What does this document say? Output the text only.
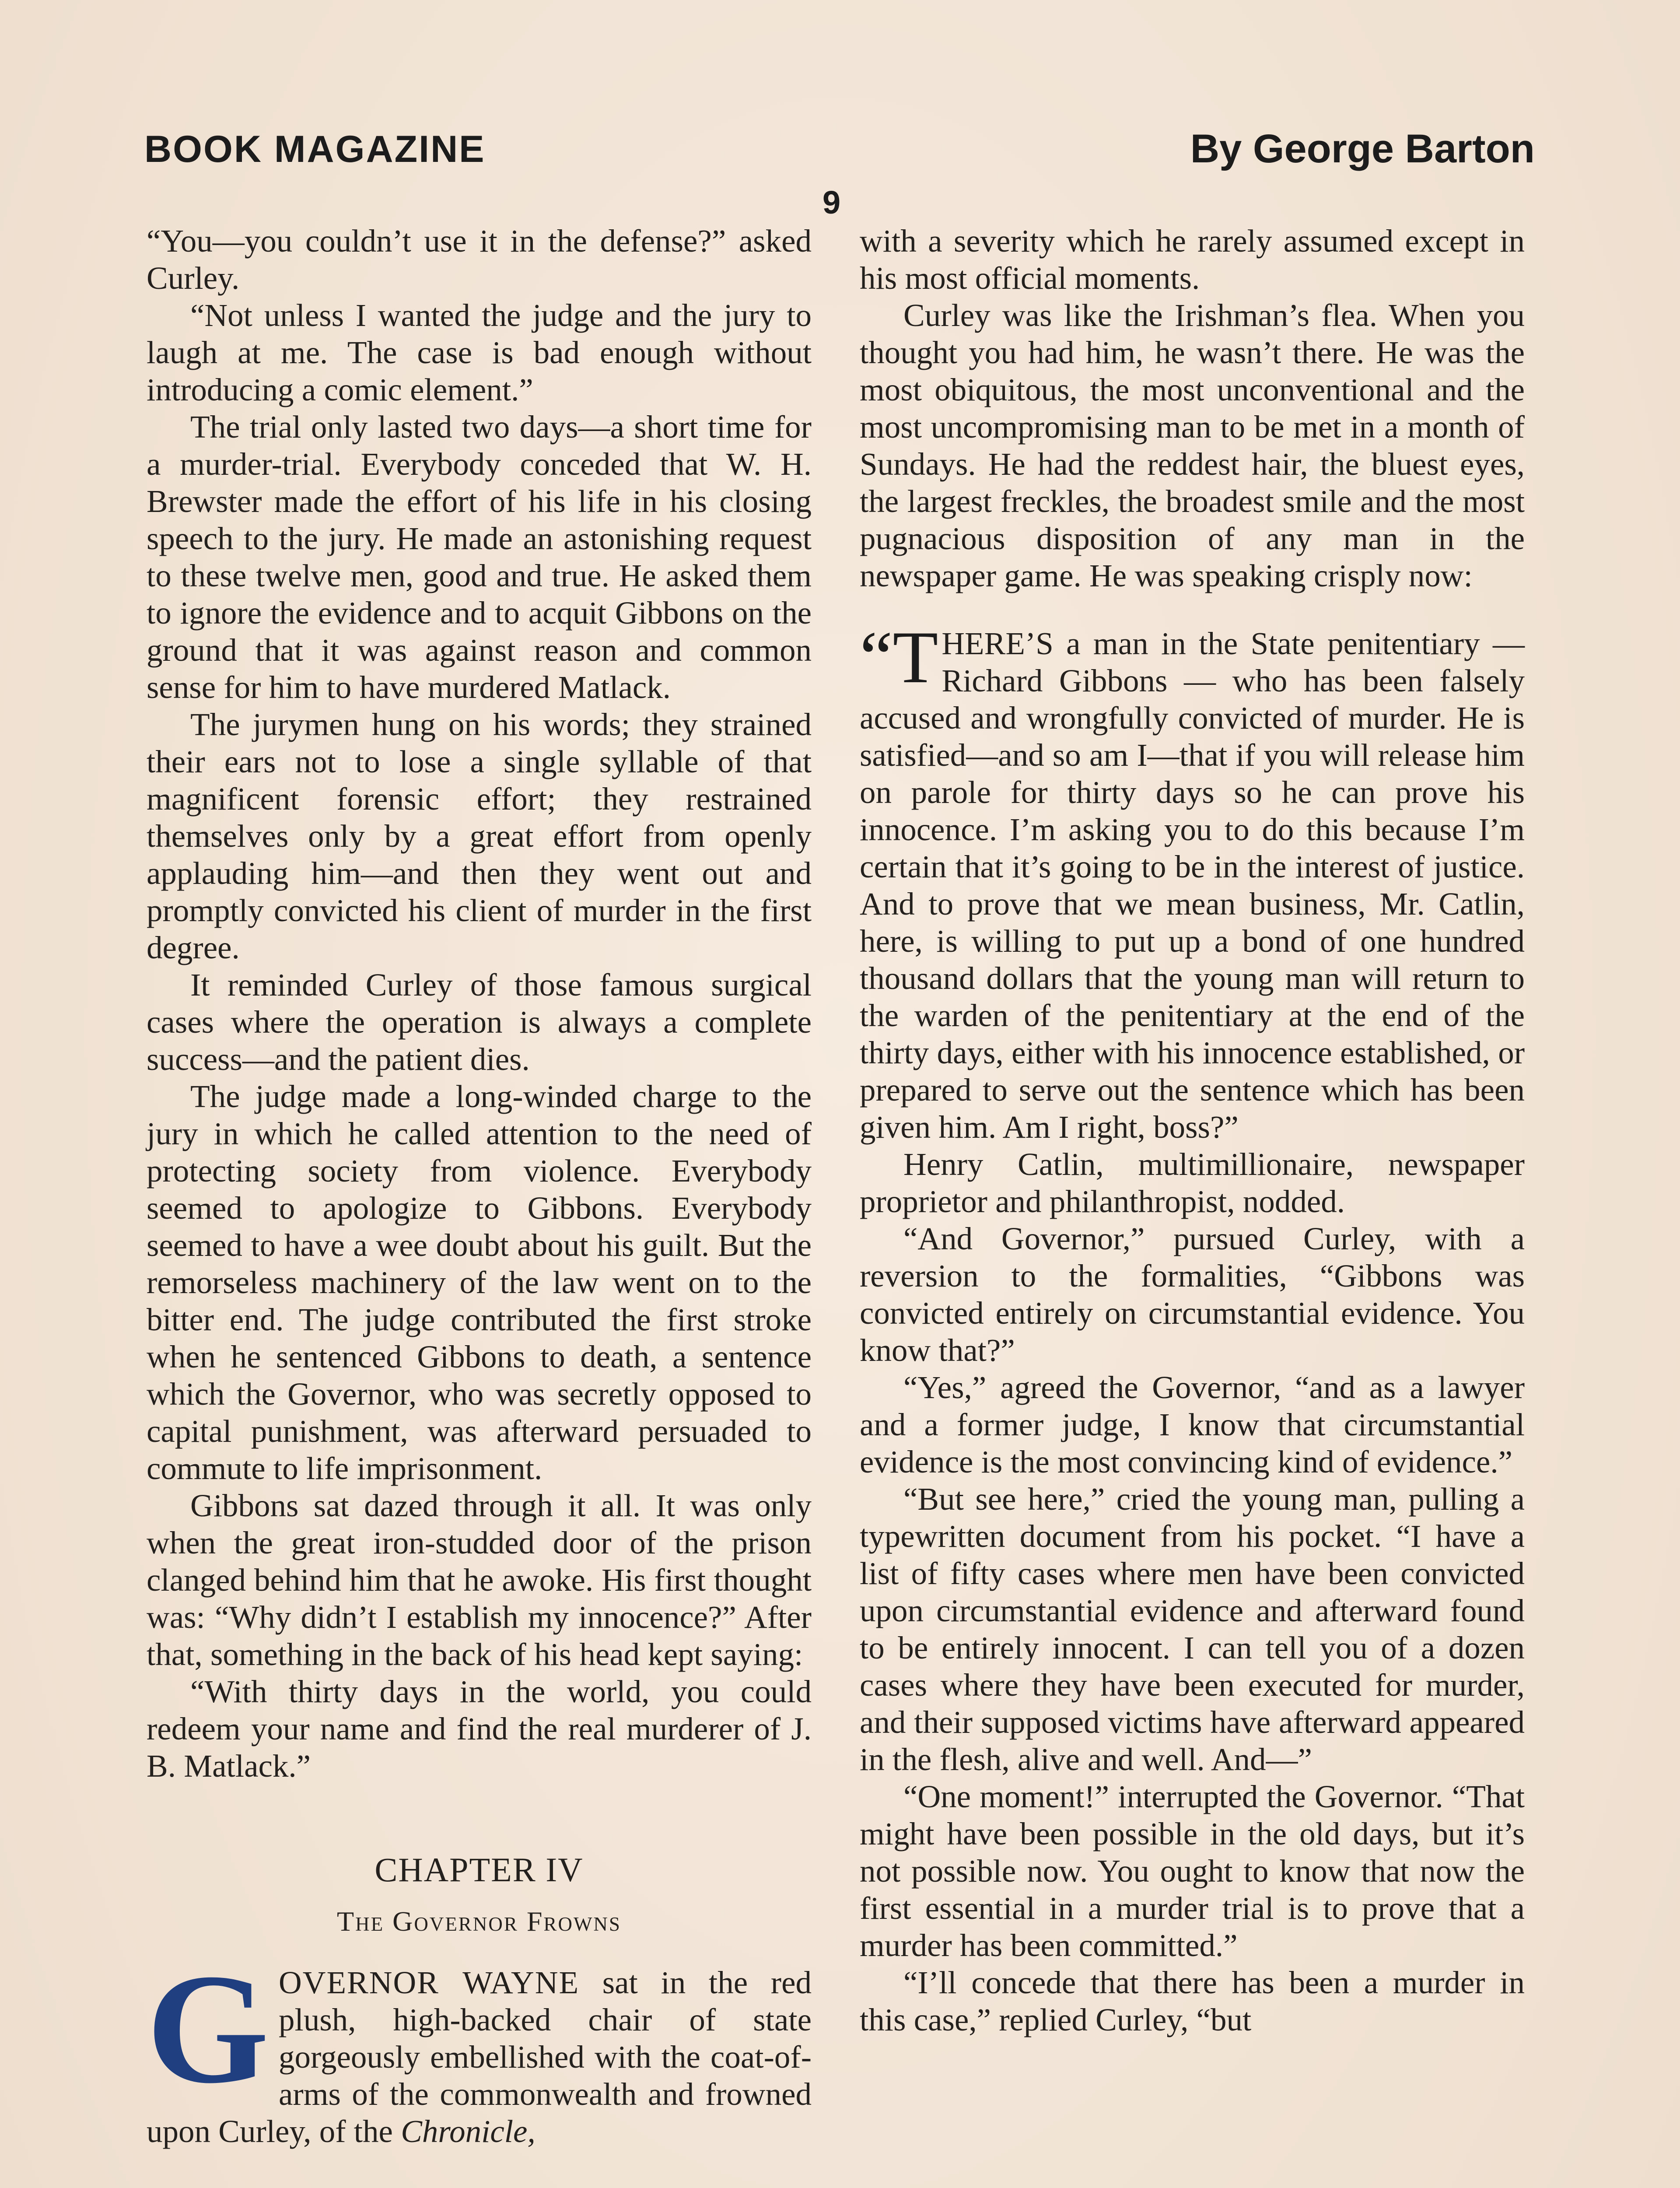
BOOK MAGAZINE	By George Barton
9

“You—you couldn’t use it in the defense?” asked Curley.

“Not unless I wanted the judge and the jury to laugh at me. The case is bad enough without introducing a comic element.”

The trial only lasted two days—a short time for a murder-trial. Everybody conceded that W. H. Brewster made the effort of his life in his closing speech to the jury. He made an astonishing request to these twelve men, good and true. He asked them to ignore the evidence and to acquit Gibbons on the ground that it was against reason and common sense for him to have murdered Matlack.

The jurymen hung on his words; they strained their ears not to lose a single syllable of that magnificent forensic effort; they restrained themselves only by a great effort from openly applauding him—and then they went out and promptly convicted his client of murder in the first degree.

It reminded Curley of those famous surgical cases where the operation is always a complete success—and the patient dies.

The judge made a long-winded charge to the jury in which he called attention to the need of protecting society from violence. Everybody seemed to apologize to Gibbons. Everybody seemed to have a wee doubt about his guilt. But the remorseless machinery of the law went on to the bitter end. The judge contributed the first stroke when he sentenced Gibbons to death, a sentence which the Governor, who was secretly opposed to capital punishment, was afterward persuaded to commute to life imprisonment.

Gibbons sat dazed through it all. It was only when the great iron-studded door of the prison clanged behind him that he awoke. His first thought was: “Why didn’t I establish my innocence?” After that, something in the back of his head kept saying:

“With thirty days in the world, you could redeem your name and find the real murderer of J. B. Matlack.”

CHAPTER IV
The Governor Frowns

GOVERNOR WAYNE sat in the red plush, high-backed chair of state gorgeously embellished with the coat-of-arms of the commonwealth and frowned upon Curley, of the Chronicle,

with a severity which he rarely assumed except in his most official moments.

Curley was like the Irishman’s flea. When you thought you had him, he wasn’t there. He was the most obiquitous, the most unconventional and the most uncompromising man to be met in a month of Sundays. He had the reddest hair, the bluest eyes, the largest freckles, the broadest smile and the most pugnacious disposition of any man in the newspaper game. He was speaking crisply now:

“T HERE’S a man in the State penitentiary — Richard Gibbons — who has been falsely accused and wrongfully convicted of murder. He is satisfied—and so am I—that if you will release him on parole for thirty days so he can prove his innocence. I’m asking you to do this because I’m certain that it’s going to be in the interest of justice. And to prove that we mean business, Mr. Catlin, here, is willing to put up a bond of one hundred thousand dollars that the young man will return to the warden of the penitentiary at the end of the thirty days, either with his innocence established, or prepared to serve out the sentence which has been given him. Am I right, boss?”

Henry Catlin, multimillionaire, newspaper proprietor and philanthropist, nodded.

“And Governor,” pursued Curley, with a reversion to the formalities, “Gibbons was convicted entirely on circumstantial evidence. You know that?”

“Yes,” agreed the Governor, “and as a lawyer and a former judge, I know that circumstantial evidence is the most convincing kind of evidence.”

“But see here,” cried the young man, pulling a typewritten document from his pocket. “I have a list of fifty cases where men have been convicted upon circumstantial evidence and afterward found to be entirely innocent. I can tell you of a dozen cases where they have been executed for murder, and their supposed victims have afterward appeared in the flesh, alive and well. And—”

“One moment!” interrupted the Governor. “That might have been possible in the old days, but it’s not possible now. You ought to know that now the first essential in a murder trial is to prove that a murder has been committed.”

“I’ll concede that there has been a murder in this case,” replied Curley, “but
